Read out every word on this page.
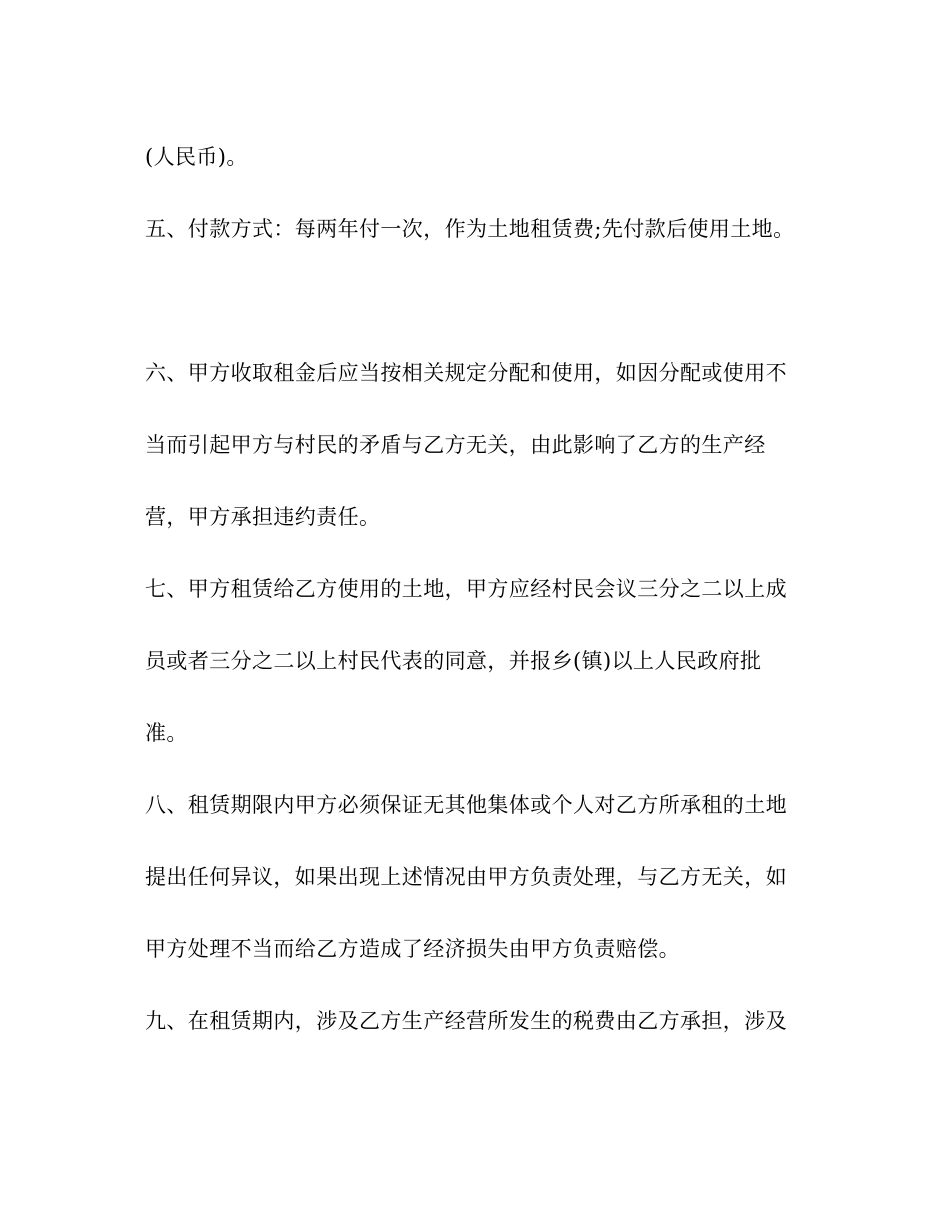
(人民币)。
五、付款方式：每两年付一次，作为土地租赁费;先付款后使用土地。
六、甲方收取租金后应当按相关规定分配和使用，如因分配或使用不
当而引起甲方与村民的矛盾与乙方无关，由此影响了乙方的生产经
营，甲方承担违约责任。
七、甲方租赁给乙方使用的土地，甲方应经村民会议三分之二以上成
员或者三分之二以上村民代表的同意，并报乡(镇)以上人民政府批
准。
八、租赁期限内甲方必须保证无其他集体或个人对乙方所承租的土地
提出任何异议，如果出现上述情况由甲方负责处理，与乙方无关，如
甲方处理不当而给乙方造成了经济损失由甲方负责赔偿。
九、在租赁期内，涉及乙方生产经营所发生的税费由乙方承担，涉及
